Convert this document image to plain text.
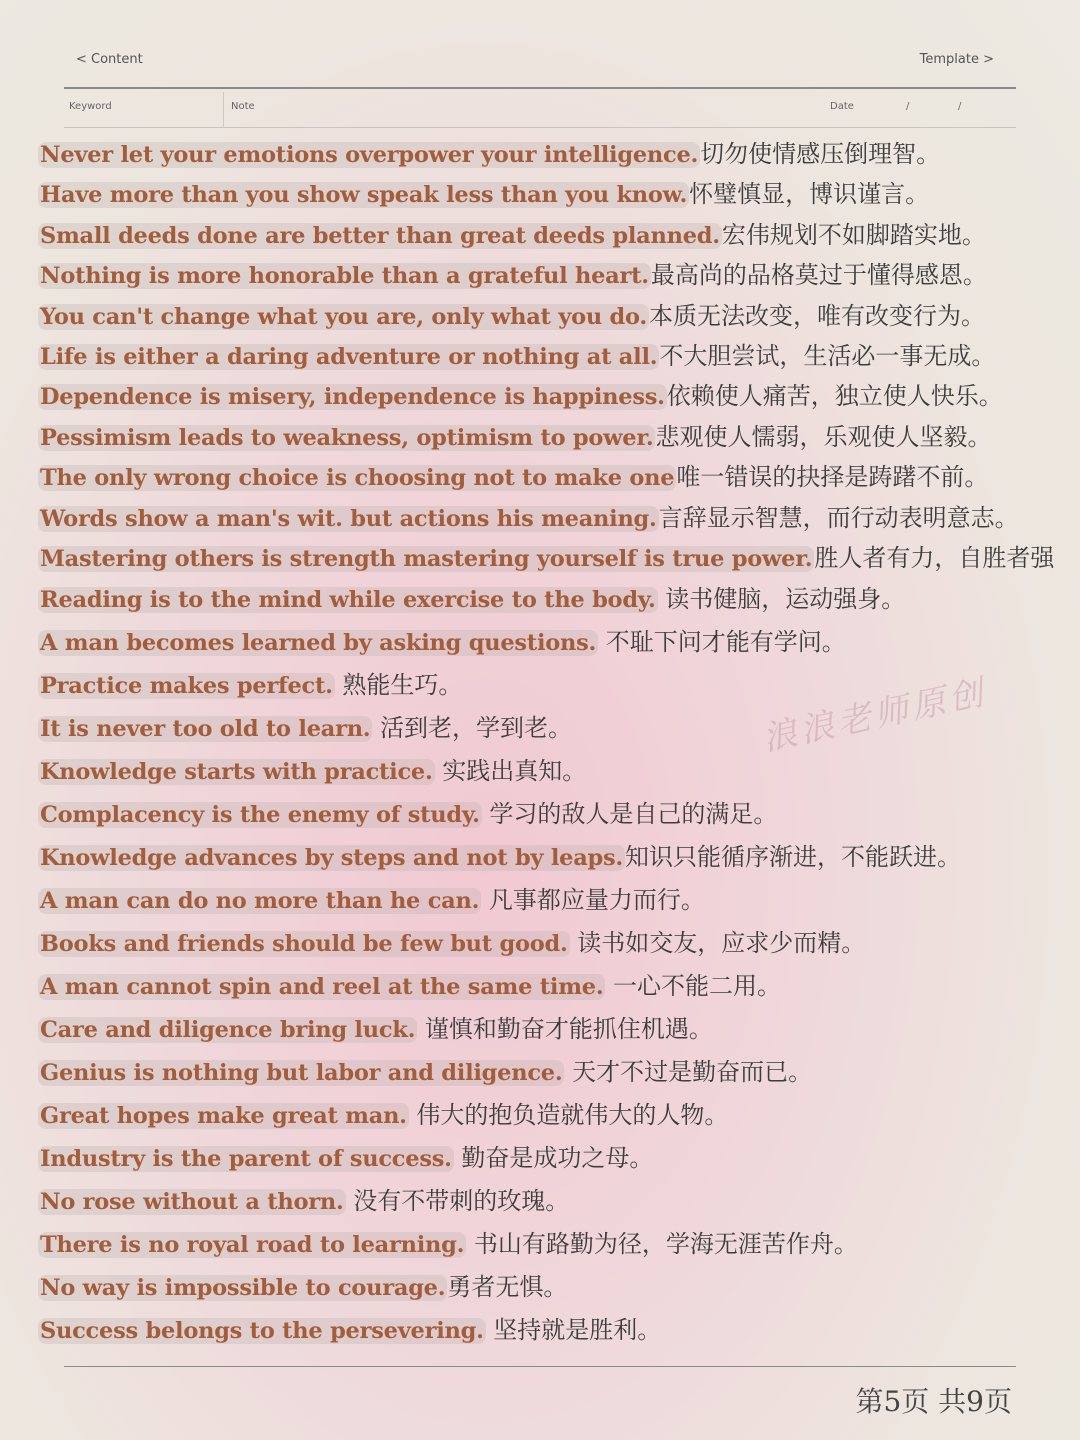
< Content	Template >
Keyword	Note	Date	/	/
Never let your emotions overpower your intelligence.切勿使情感压倒理智。
Have more than you show speak less than you know.怀璧慎显，博识谨言。
Small deeds done are better than great deeds planned.宏伟规划不如脚踏实地。
Nothing is more honorable than a grateful heart.最高尚的品格莫过于懂得感恩。
You can't change what you are, only what you do.本质无法改变，唯有改变行为。
Life is either a daring adventure or nothing at all.不大胆尝试，生活必一事无成。
Dependence is misery, independence is happiness.依赖使人痛苦，独立使人快乐。
Pessimism leads to weakness, optimism to power.悲观使人懦弱，乐观使人坚毅。
The only wrong choice is choosing not to make one唯一错误的抉择是踌躇不前。
Words show a man's wit. but actions his meaning.言辞显示智慧，而行动表明意志。
Mastering others is strength mastering yourself is true power.胜人者有力，自胜者强
Reading is to the mind while exercise to the body. 读书健脑，运动强身。
A man becomes learned by asking questions. 不耻下问才能有学问。
Practice makes perfect. 熟能生巧。
It is never too old to learn. 活到老，学到老。
Knowledge starts with practice. 实践出真知。
Complacency is the enemy of study. 学习的敌人是自己的满足。
Knowledge advances by steps and not by leaps.知识只能循序渐进，不能跃进。
A man can do no more than he can. 凡事都应量力而行。
Books and friends should be few but good. 读书如交友，应求少而精。
A man cannot spin and reel at the same time. 一心不能二用。
Care and diligence bring luck. 谨慎和勤奋才能抓住机遇。
Genius is nothing but labor and diligence. 天才不过是勤奋而已。
Great hopes make great man. 伟大的抱负造就伟大的人物。
Industry is the parent of success. 勤奋是成功之母。
No rose without a thorn. 没有不带刺的玫瑰。
There is no royal road to learning. 书山有路勤为径，学海无涯苦作舟。
No way is impossible to courage.勇者无惧。
Success belongs to the persevering. 坚持就是胜利。
浪浪老师原创
第5页 共9页
